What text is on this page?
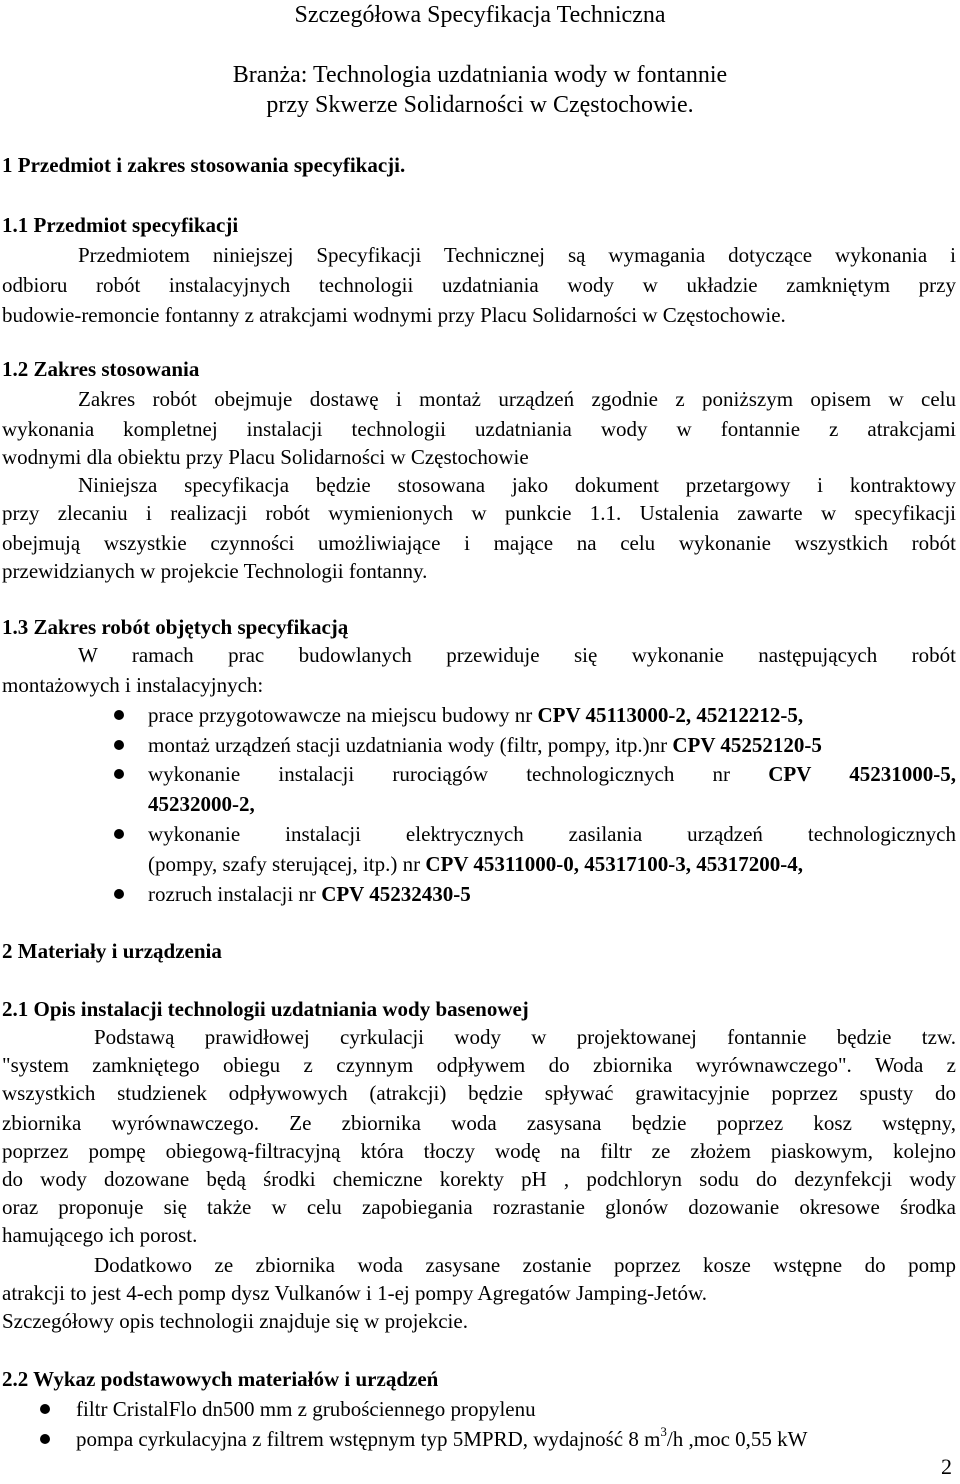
Szczegółowa Specyfikacja Techniczna
Branża: Technologia uzdatniania wody w fontannie
przy Skwerze Solidarności w Częstochowie.
1 Przedmiot i zakres stosowania specyfikacji.
1.1 Przedmiot specyfikacji
Przedmiotem niniejszej Specyfikacji Technicznej są wymagania dotyczące wykonania i
odbioru robót instalacyjnych technologii uzdatniania wody w układzie zamkniętym przy
budowie-remoncie fontanny z atrakcjami wodnymi przy Placu Solidarności w Częstochowie.
1.2 Zakres stosowania
Zakres robót obejmuje dostawę i montaż urządzeń zgodnie z poniższym opisem w celu
wykonania kompletnej instalacji technologii uzdatniania wody w fontannie z atrakcjami
wodnymi dla obiektu przy Placu Solidarności w Częstochowie
Niniejsza specyfikacja będzie stosowana jako dokument przetargowy i kontraktowy
przy zlecaniu i realizacji robót wymienionych w punkcie 1.1. Ustalenia zawarte w specyfikacji
obejmują wszystkie czynności umożliwiające i mające na celu wykonanie wszystkich robót
przewidzianych w projekcie Technologii fontanny.
1.3 Zakres robót objętych specyfikacją
W ramach prac budowlanych przewiduje się wykonanie następujących robót
montażowych i instalacyjnych:
prace przygotowawcze na miejscu budowy nr CPV 45113000-2, 45212212-5,
montaż urządzeń stacji uzdatniania wody (filtr, pompy, itp.)nr CPV 45252120-5
wykonanie instalacji rurociągów technologicznych nr CPV 45231000-5,
45232000-2,
wykonanie instalacji elektrycznych zasilania urządzeń technologicznych
(pompy, szafy sterującej, itp.) nr CPV 45311000-0, 45317100-3, 45317200-4,
rozruch instalacji nr CPV 45232430-5
2 Materiały i urządzenia
2.1 Opis instalacji technologii uzdatniania wody basenowej
Podstawą prawidłowej cyrkulacji wody w projektowanej fontannie będzie tzw.
"system zamkniętego obiegu z czynnym odpływem do zbiornika wyrównawczego". Woda z
wszystkich studzienek odpływowych (atrakcji) będzie spływać grawitacyjnie poprzez spusty do
zbiornika wyrównawczego. Ze zbiornika woda zasysana będzie poprzez kosz wstępny,
poprzez pompę obiegową-filtracyjną która tłoczy wodę na filtr ze złożem piaskowym, kolejno
do wody dozowane będą środki chemiczne korekty pH , podchloryn sodu do dezynfekcji wody
oraz proponuje się także w celu zapobiegania rozrastanie glonów dozowanie okresowe środka
hamującego ich porost.
Dodatkowo ze zbiornika woda zasysane zostanie poprzez kosze wstępne do pomp
atrakcji to jest 4-ech pomp dysz Vulkanów i 1-ej pompy Agregatów Jamping-Jetów.
Szczegółowy opis technologii znajduje się w projekcie.
2.2 Wykaz podstawowych materiałów i urządzeń
filtr CristalFlo dn500 mm z grubościennego propylenu
pompa cyrkulacyjna z filtrem wstępnym typ 5MPRD, wydajność 8 $m^3/h$ ,moc 0,55 kW
2
